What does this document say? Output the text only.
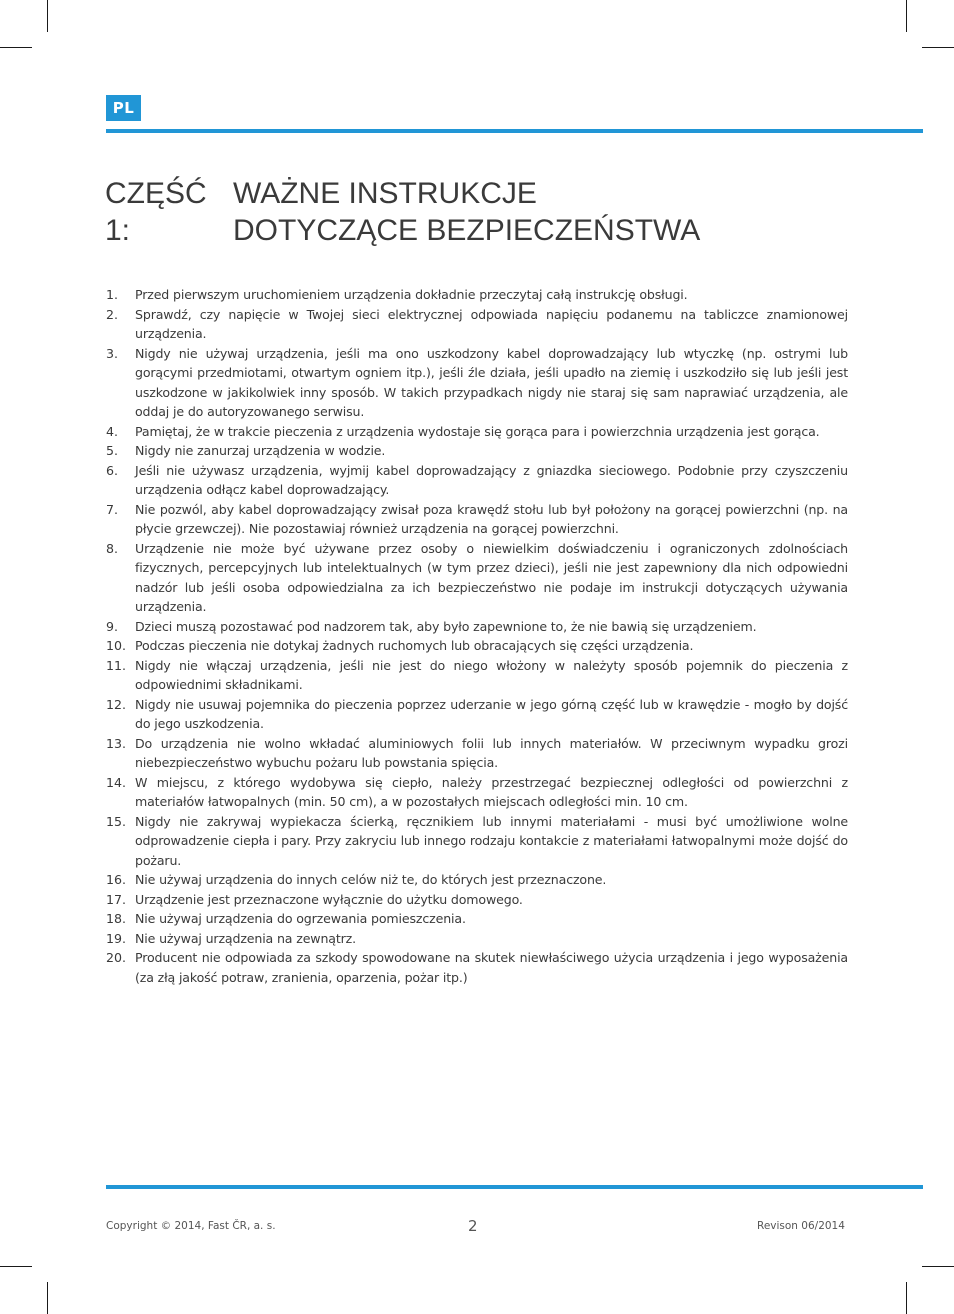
PL
CZĘŚĆ 1:
WAŻNE INSTRUKCJE DOTYCZĄCE BEZPIECZEŃSTWA
1.	Przed pierwszym uruchomieniem urządzenia dokładnie przeczytaj całą instrukcję obsługi.
2.	Sprawdź, czy napięcie w Twojej sieci elektrycznej odpowiada napięciu podanemu na tabliczce znamionowej urządzenia.
3.	Nigdy nie używaj urządzenia, jeśli ma ono uszkodzony kabel doprowadzający lub wtyczkę (np. ostrymi lub gorącymi przedmiotami, otwartym ogniem itp.), jeśli źle działa, jeśli upadło na ziemię i uszkodziło się lub jeśli jest uszkodzone w jakikolwiek inny sposób. W takich przypadkach nigdy nie staraj się sam naprawiać urządzenia, ale oddaj je do autoryzowanego serwisu.
4.	Pamiętaj, że w trakcie pieczenia z urządzenia wydostaje się gorąca para i powierzchnia urządzenia jest gorąca.
5.	Nigdy nie zanurzaj urządzenia w wodzie.
6.	Jeśli nie używasz urządzenia, wyjmij kabel doprowadzający z gniazdka sieciowego. Podobnie przy czyszczeniu urządzenia odłącz kabel doprowadzający.
7.	Nie pozwól, aby kabel doprowadzający zwisał poza krawędź stołu lub był położony na gorącej powierzchni (np. na płycie grzewczej). Nie pozostawiaj również urządzenia na gorącej powierzchni.
8.	Urządzenie nie może być używane przez osoby o niewielkim doświadczeniu i ograniczonych zdolnościach fizycznych, percepcyjnych lub intelektualnych (w tym przez dzieci), jeśli nie jest zapewniony dla nich odpowiedni nadzór lub jeśli osoba odpowiedzialna za ich bezpieczeństwo nie podaje im instrukcji dotyczących używania urządzenia.
9.	Dzieci muszą pozostawać pod nadzorem tak, aby było zapewnione to, że nie bawią się urządzeniem.
10. Podczas pieczenia nie dotykaj żadnych ruchomych lub obracających się części urządzenia.
11. Nigdy nie włączaj urządzenia, jeśli nie jest do niego włożony w należyty sposób pojemnik do pieczenia z odpowiednimi składnikami.
12. Nigdy nie usuwaj pojemnika do pieczenia poprzez uderzanie w jego górną część lub w krawędzie - mogło by dojść do jego uszkodzenia.
13. Do urządzenia nie wolno wkładać aluminiowych folii lub innych materiałów. W przeciwnym wypadku grozi niebezpieczeństwo wybuchu pożaru lub powstania spięcia.
14. W miejscu, z którego wydobywa się ciepło, należy przestrzegać bezpiecznej odległości od powierzchni z materiałów łatwopalnych (min. 50 cm), a w pozostałych miejscach odległości min. 10 cm.
15. Nigdy nie zakrywaj wypiekacza ścierką, ręcznikiem lub innymi materiałami - musi być umożliwione wolne odprowadzenie ciepła i pary. Przy zakryciu lub innego rodzaju kontakcie z materiałami łatwopalnymi może dojść do pożaru.
16. Nie używaj urządzenia do innych celów niż te, do których jest przeznaczone.
17. Urządzenie jest przeznaczone wyłącznie do użytku domowego.
18. Nie używaj urządzenia do ogrzewania pomieszczenia.
19. Nie używaj urządzenia na zewnątrz.
20. Producent nie odpowiada za szkody spowodowane na skutek niewłaściwego użycia urządzenia i jego wyposażenia (za złą jakość potraw, zranienia, oparzenia, pożar itp.)
Copyright © 2014, Fast ČR, a. s.	2	Revison 06/2014
